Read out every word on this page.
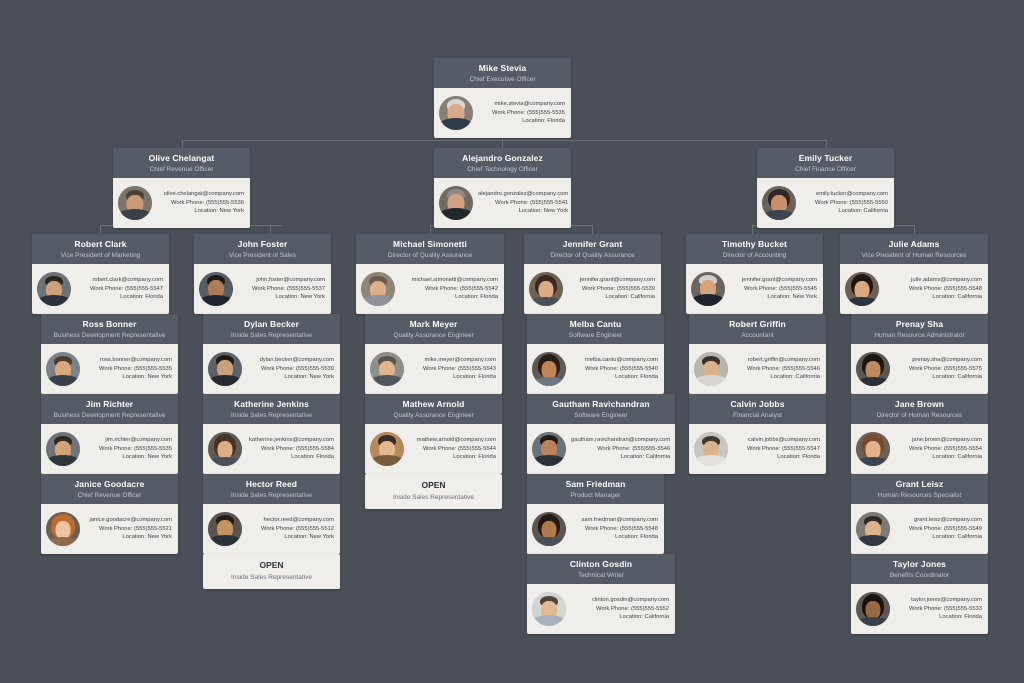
Mike Stevia
Chief Executive Officer
mike.stevia@company.com
Work Phone: (555)555-5535
Location: Florida
Olive Chelangat
Chief Revenue Officer
olive.chelangat@company.com
Work Phone: (555)555-5536
Location: New York
Alejandro Gonzalez
Chief Technology Officer
alejandro.gonzalez@company.com
Work Phone: (555)555-5541
Location: New York
Emily Tucker
Chief Finance Officer
emily.tucker@company.com
Work Phone: (555)555-5550
Location: California
Robert Clark
Vice President of Marketing
robert.clark@company.com
Work Phone: (555)555-5547
Location: Florida
John Foster
Vice President of Sales
john.foster@company.com
Work Phone: (555)555-5537
Location: New York
Michael Simonetti
Director of Quality Assurance
michael.simonetti@company.com
Work Phone: (555)555-5542
Location: Florida
Jennifer Grant
Director of Quality Assurance
jennifer.grant@company.com
Work Phone: (555)555-5539
Location: California
Timothy Bucket
Director of Accounting
jennifer.grant@company.com
Work Phone: (555)555-5545
Location: New York
Julie Adams
Vice President of Human Resources
julie.adams@company.com
Work Phone: (555)555-5548
Location: California
Ross Bonner
Business Development Representative
ross.bonner@company.com
Work Phone: (555)555-5535
Location: New York
Dylan Becker
Inside Sales Representative
dylan.becker@company.com
Work Phone: (555)555-5539
Location: New York
Mark Meyer
Quality Assurance Engineer
mike.meyer@company.com
Work Phone: (555)555-5543
Location: Florida
Melba Cantu
Software Engineer
melba.cantu@company.com
Work Phone: (555)555-5540
Location: Florida
Robert Griffin
Accountant
robert.griffin@company.com
Work Phone: (555)555-5546
Location: California
Prenay Sha
Human Resource Administrator
prenay.sha@company.com
Work Phone: (555)555-5575
Location: California
Jim Richter
Business Development Representative
jim.richter@company.com
Work Phone: (555)555-5535
Location: New York
Katherine Jenkins
Inside Sales Representative
katherine.jenkins@company.com
Work Phone: (555)555-5584
Location: Florida
Mathew Arnold
Quality Assurance Engineer
mathew.arnold@company.com
Work Phone: (555)555-5544
Location: Florida
Gautham Ravichandran
Software Engineer
gautham.ravichandran@company.com
Work Phone: (555)555-5546
Location: California
Calvin Jobbs
Financial Analyst
calvin.jobbs@company.com
Work Phone: (555)555-5547
Location: Florida
Jane Brown
Director of Human Resources
jane.brown@company.com
Work Phone: (555)555-5554
Location: California
Janice Goodacre
Chief Revenue Officer
janice.goodacre@company.com
Work Phone: (555)555-5521
Location: New York
Hector Reed
Inside Sales Representative
hector.reed@company.com
Work Phone: (555)555-5512
Location: New York
OPEN
Inside Sales Representative
Sam Friedman
Product Manager
sam.friedman@company.com
Work Phone: (555)555-5548
Location: Florida
Grant Leisz
Human Resources Specialist
grant.leisz@company.com
Work Phone: (555)555-5549
Location: California
OPEN
Inside Sales Representative
Clinton Gosdin
Technical Writer
clinton.gosdin@company.com
Work Phone: (555)555-5552
Location: California
Taylor Jones
Benefits Coordinator
taylor.jones@company.com
Work Phone: (555)555-5533
Location: Florida
